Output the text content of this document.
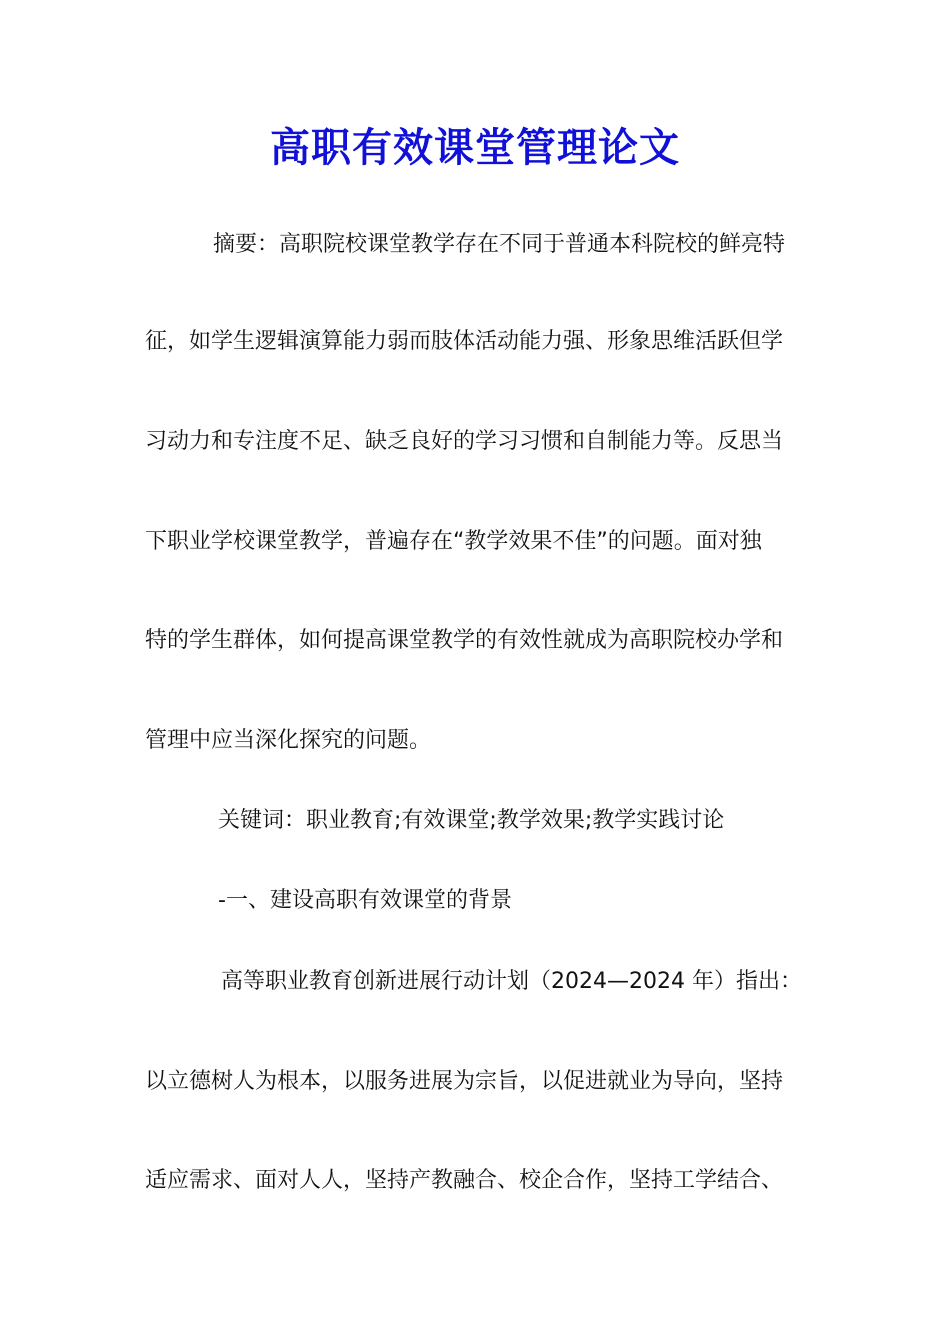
高职有效课堂管理论文
摘要：高职院校课堂教学存在不同于普通本科院校的鲜亮特
征，如学生逻辑演算能力弱而肢体活动能力强、形象思维活跃但学
习动力和专注度不足、缺乏良好的学习习惯和自制能力等。反思当
下职业学校课堂教学，普遍存在“教学效果不佳”的问题。面对独
特的学生群体，如何提高课堂教学的有效性就成为高职院校办学和
管理中应当深化探究的问题。
关键词：职业教育;有效课堂;教学效果;教学实践讨论
-一、建设高职有效课堂的背景
高等职业教育创新进展行动计划（2024—2024 年）指出：
以立德树人为根本，以服务进展为宗旨，以促进就业为导向，坚持
适应需求、面对人人，坚持产教融合、校企合作，坚持工学结合、
